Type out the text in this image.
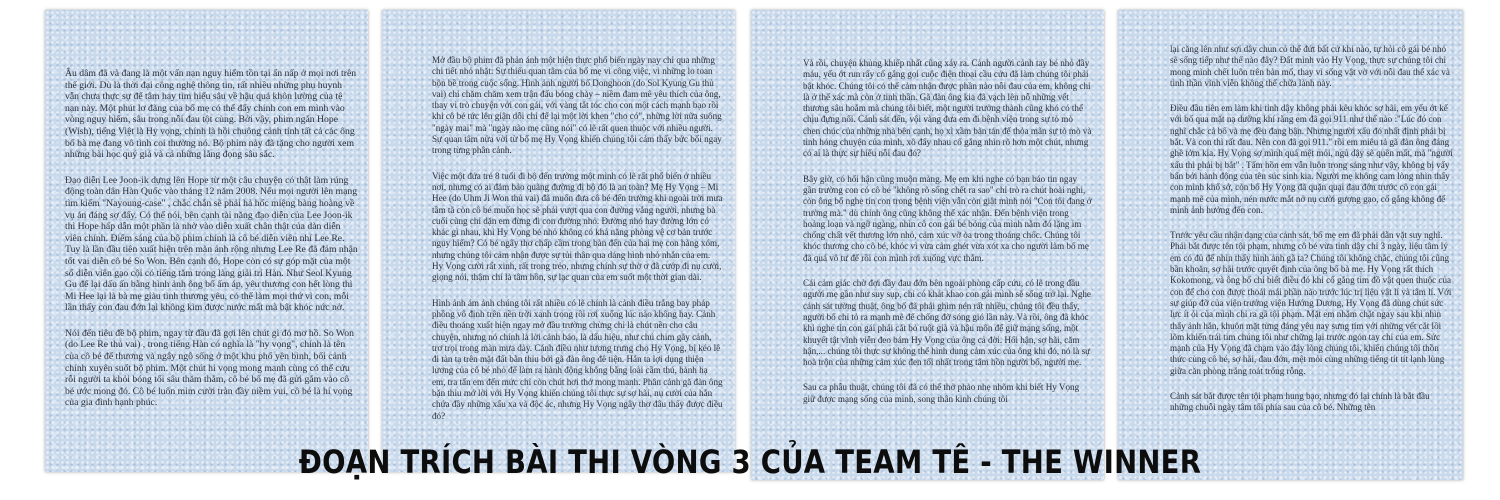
Âu dâm đã và đang là một vấn nạn nguy hiểm tồn tại ẩn nấp ở mọi nơi trên thế giới. Dù là thời đại công nghệ thông tin, rất nhiều những phụ huynh vẫn chưa thực sự để tâm hay tìm hiểu sâu về hậu quả khôn lường của tệ nạn này. Một phút lơ đãng của bố mẹ có thể đẩy chính con em mình vào vòng nguy hiểm, sâu trong nỗi đau tột cùng. Bởi vậy, phim ngắn Hope (Wish), tiếng Việt là Hy vọng, chính là hồi chuông cảnh tỉnh tất cả các ông bố bà mẹ đang vô tình coi thường nó. Bộ phim này đã tặng cho người xem những bài học quý giá và cả những lắng đọng sâu sắc.

Đạo diễn Lee Joon-ik dựng lên Hope từ một câu chuyện có thật làm rúng động toàn dân Hàn Quốc vào tháng 12 năm 2008. Nếu mọi người lên mạng tìm kiếm "Nayoung-case" , chắc chắn sẽ phải hả hốc miệng bàng hoàng về vụ án đáng sợ đấy. Có thể nói, bên cạnh tài năng đạo diễn của Lee Joon-ik thì Hope hấp dẫn một phần là nhờ vào diễn xuất chân thật của dàn diễn viên chính. Điểm sáng của bộ phim chính là cô bé diễn viên nhí Lee Re. Tuy là lần đầu tiên xuất hiện trên màn ảnh rộng nhưng Lee Re đã đảm nhận tốt vai diễn cô bé So Won. Bên cạnh đó, Hope còn có sự góp mặt của một số diễn viên gạo cội có tiếng tăm trong làng giải trí Hàn. Như Seol Kyung Gu để lại dấu ấn bằng hình ảnh ông bố ấm áp, yêu thương con hết lòng thì Mi Hee lại là bà mẹ giàu tình thương yêu, có thể làm mọi thứ vì con, mỗi lần thấy con đau đớn lại không kìm được nước mắt mà bật khóc nức nở.

Nói đến tiêu đề bộ phim, ngay từ đầu đã gợi lên chút gì đó mơ hồ. So Won (do Lee Re thủ vai) , trong tiếng Hàn có nghĩa là "hy vọng", chính là tên của cô bé để thương và ngây ngô sống ở một khu phố yên bình, bối cảnh chính xuyên suốt bộ phim. Một chút hi vọng mong manh cùng có thể cứu rỗi người ta khỏi bóng tối sâu thăm thẳm, cô bé bố mẹ đã gửi gắm vào cô bé ước mong đó. Cô bé luôn mỉm cười tràn đầy niềm vui, cô bé là hi vọng của gia đình hạnh phúc.

Mở đầu bộ phim đã phản ánh một hiện thực phổ biến ngày nay chỉ qua những chi tiết nhỏ nhặt: Sự thiếu quan tâm của bố mẹ vì công việc, vì những lo toan bộn bề trong cuộc sống. Hình ảnh người bố Donghoon (do Sol Kyung Gu thủ vai) chỉ chăm chăm xem trận đấu bóng chày – niềm đam mê yêu thích của ông, thay vì trò chuyện với con gái, với vàng tắt tóc cho con một cách mạnh bạo rồi khi cô bé tức lên giận dỗi chỉ để lại một lời khen "cho có", những lời nữa suông "ngày mai" mà "ngày nào mẹ cũng nói" có lẽ rất quen thuộc với nhiều người. Sự quan tâm nửa vời từ bố mẹ Hy Vọng khiến chúng tôi cảm thấy bức bối ngay trong từng phân cảnh.

Việc một đứa trẻ 8 tuổi đi bộ đến trường một mình có lẽ rất phổ biến ở nhiều nơi, nhưng có ai đảm bảo quãng đường đi bộ đó là an toàn? Mẹ Hy Vọng – Mi Hee (do Uhm Ji Won thủ vai) đã muốn đưa cô bé đến trường khi ngoài trời mưa tầm tã còn cô bé muốn học sẽ phải vượt qua con đường vắng người, nhưng bà cuối cùng chỉ dặn em đừng đi con đường nhỏ. Đường nhỏ hay đường lớn có khác gì nhau, khi Hy Vọng bé nhỏ không có khả năng phòng vệ cơ bản trước nguy hiểm? Có bé ngây thơ chấp cầm trong bàn đến của hai mẹ con hàng xóm, nhưng chúng tôi cảm nhận được sự tủi thân qua dáng hình nhỏ nhắn của em. Hy Vọng cười rất xinh, rất trong trẻo, nhưng chính sự thờ ơ đã cướp đi nụ cười, giọng nói, thậm chí là tâm hồn, sự lạc quan của em suốt một thời gian dài.

Hình ảnh ám ảnh chúng tôi rất nhiều có lẽ chính là cảnh điều trắng bay pháp phồng vô định trên nền trời xanh trong rồi rơi xuống lúc nào không hay. Cảnh điều thoáng xuất hiện ngay mở đầu trường chừng chỉ là chút nền cho câu chuyện, nhưng nó chính là lời cảnh báo, là dấu hiệu, như chú chim gãy cánh, trơ trọi trong màn mưa dày. Cánh điều như tương trưng cho Hy Vọng, bị kéo lê đi tàn tạ trên mặt đất bằn thỉu bởi gã đàn ông đê tiện. Hắn ta lợi dụng thiện lương của cô bé nhỏ để làm ra hành động không bằng loài cầm thú, hành hạ em, tra tấn em đến mức chỉ còn chút hơi thở mong manh. Phân cảnh gã đàn ông bặn thỉu mớ lời với Hy Vọng khiến chúng tôi thực sự sợ hãi, nụ cười của hắn chứa đầy những xấu xa và độc ác, nhưng Hy Vọng ngây thơ đâu thấy được điều đó?

Và rồi, chuyện khủng khiếp nhất cũng xảy ra. Cảnh người cảnh tay bé nhỏ đầy máu, yếu ớt run rẩy cố gắng gọi cuộc điện thoại cầu cứu đã làm chúng tôi phải bật khóc. Chúng tôi có thể cảm nhận được phần nào nỗi đau của em, không chỉ là ở thể xác mà còn ở tinh thần. Gã đàn ông kia đã vạch lên nỗ những vết thương sâu hoắm mà chúng tôi biết, một người trưởng thành cũng khó có thể chịu đựng nổi. Cảnh sát đến, vội vàng đưa em đi bệnh viện trong sự tò mò chen chúc của những nhà bên cạnh, họ xì xầm bàn tán để thỏa mãn sự tò mò và tình hóng chuyện của mình, xô đẩy nhau cố gắng nhìn rõ hơn một chút, nhưng có ai là thực sự hiểu nỗi đau đó?

Bây giờ, có hối hận cũng muộn màng. Mẹ em khi nghe có bạn báo tin ngay gần trường con có cô bé "không rõ sống chết ra sao" chỉ trò ra chút hoài nghi, còn ông bố nghe tin con trong bệnh viện vẫn còn giật mình nói "Con tôi đang ở trường mà." dù chính ông cũng không thể xác nhận. Đến bệnh viện trong hoảng loạn và ngỡ ngàng, nhìn cô con gái bé bóng của mình nằm đó lặng im chống chất vết thương lớn nhỏ, cảm xúc vỡ òa trong thoáng chốc. Chúng tôi khóc thương cho cô bé, khóc vì vừa cảm ghét vừa xót xa cho người làm bố mẹ đã quá vô tư để rồi con mình rơi xuống vực thẳm.

Cái cảm giác chờ đợi đầy đau đớn bên ngoài phòng cấp cứu, có lẽ trong đầu người mẹ gần như suy sụp, chỉ có khát khao con gái mình sẽ sống trở lại. Nghe cảnh sát tường thuật, ông bố đã phải ghìm nén rất nhiều, chúng tôi đều thấy, người bố chỉ tỏ ra mạnh mẽ để chống đỡ sóng gió lần này. Và rồi, ông đã khóc khi nghe tin con gái phải cắt bỏ ruột già và hậu môn để giữ mạng sống, một khuyết tật vĩnh viễn đeo bám Hy Vọng của ông cả đời. Hối hận, sợ hãi, căm hận,... chúng tôi thực sự không thể hình dung cảm xúc của ông khi đó, nó là sự hoà trộn của những cảm xúc đen tối nhất trong tâm hồn người bố, người mẹ.

Sau ca phẫu thuật, chúng tôi đã có thể thở phào nhẹ nhõm khi biết Hy Vọng giữ được mạng sống của mình, song thân kinh chúng tôi

lại căng lên như sợi dây chun có thể đứt bất cứ khi nào, tự hỏi cô gái bé nhỏ sẽ sống tiếp như thế nào đây? Đất mình vào Hy Vọng, thực sự chúng tôi chỉ mong mình chết luôn trên bàn mổ, thay vì sống vật vờ với nỗi đau thể xác và tinh thần vĩnh viễn không thể chữa lành này.

Điều đầu tiên em làm khi tỉnh dậy không phải kêu khóc sợ hãi, em yếu ớt kể với bố qua mặt nạ dưỡng khí rằng em đã gọi 911 như thế nào :"Lúc đó con nghĩ chắc cả bố và mẹ đều đang bận. Nhưng người xấu đó nhất định phải bị bắt. Và con thì rất đau. Nên con đã gọi 911." rồi em miêu tả gã đàn ông đáng ghê tởm kia. Hy Vọng sợ mình quá mệt mỏi, ngủ dậy sẽ quên mất, mà "người xấu thì phải bị bắt" . Tấm hồn em vẫn luôn trong sáng như vậy, không bị vấy bẩn bởi hành động của tên súc sinh kia. Người mẹ không cam lòng nhìn thấy con mình khổ sở, còn bố Hy Vọng đã quặn quại đau đớn trước cô con gái mạnh mẽ của mình, nén nước mắt nở nụ cười gượng gạo, cố gắng không để mình ảnh hưởng đến con.

Trước yêu cầu nhận dạng của cảnh sát, bố mẹ em đã phải dằn vặt suy nghĩ. Phải bắt được tên tội phạm, nhưng cô bé vừa tỉnh dậy chỉ 3 ngày, liệu tâm lý em có đủ để nhìn thấy hình ảnh gã ta? Chúng tôi không chắc, chúng tôi cũng bần khoăn, sợ hãi trước quyết định của ông bố bà mẹ. Hy Vọng rất thích Kokomong, và ông bố chỉ biết điều đó khi cố gắng tìm đồ vật quen thuộc của con để cho con được thoải mái phần nào trước lúc trị liệu vật lí và tâm lí. Với sự giúp đỡ của viện trưởng viện Hướng Dương, Hy Vọng đã dùng chút sức lực ít ỏi của mình chỉ ra gã tội phạm. Mặt em nhăm chặt ngay sau khi nhìn thấy ảnh hắn, khuôn mặt từng đáng yêu nay sưng tím với những vết cắt lồi lõm khiến trái tim chúng tôi như chững lại trước ngón tay chỉ của em. Sức mạnh của Hy Vọng đã chạm vào đáy lòng chúng tôi, khiến chúng tôi thồn thức cùng cô bé, sợ hãi, đau đớn, mệt mỏi cùng những tiếng tít tít lạnh lùng giữa căn phòng trắng toát trống rỗng.

Cảnh sát bắt được tên tội phạm hung bạo, nhưng đó lại chính là bắt đầu những chuỗi ngày tâm tối phía sau của cô bé. Những tên

ĐOẠN TRÍCH BÀI THI VÒNG 3 CỦA TEAM TÊ - THE WINNER
